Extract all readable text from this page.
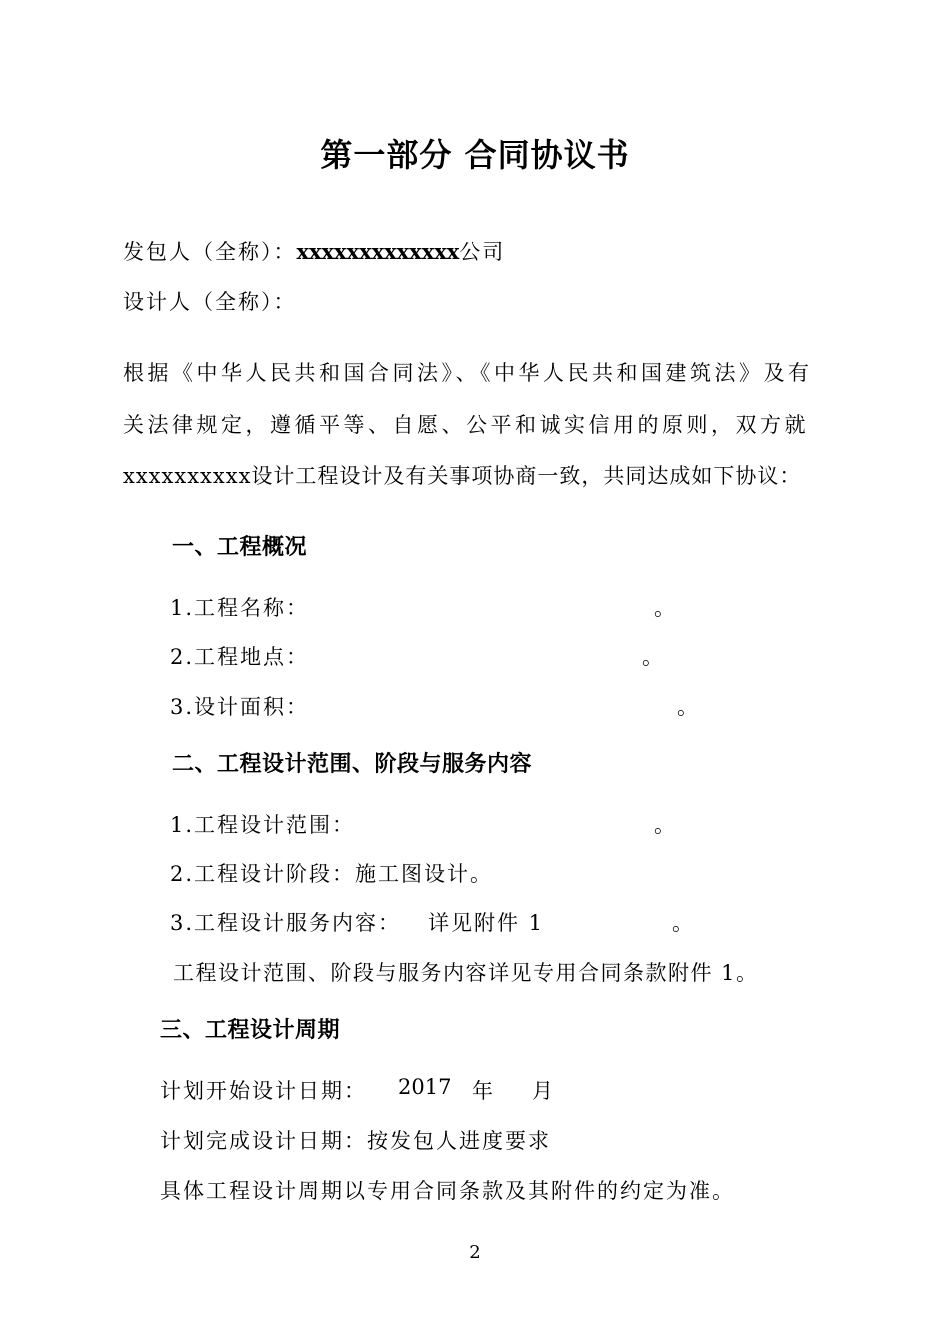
第一部分 合同协议书
发包人（全称）：xxxxxxxxxxxxx公司
设计人（全称）：
根据《中华人民共和国合同法》、《中华人民共和国建筑法》及有
关法律规定，遵循平等、自愿、公平和诚实信用的原则，双方就
xxxxxxxxxx设计工程设计及有关事项协商一致，共同达成如下协议：
一、工程概况
1.工程名称：	。
2.工程地点：	。
3.设计面积：	。
二、工程设计范围、阶段与服务内容
1.工程设计范围：	。
2.工程设计阶段：施工图设计。
3.工程设计服务内容： 详见附件 1	。
工程设计范围、阶段与服务内容详见专用合同条款附件 1。
三、工程设计周期
计划开始设计日期： 2017 年 月
计划完成设计日期：按发包人进度要求
具体工程设计周期以专用合同条款及其附件的约定为准。
2
